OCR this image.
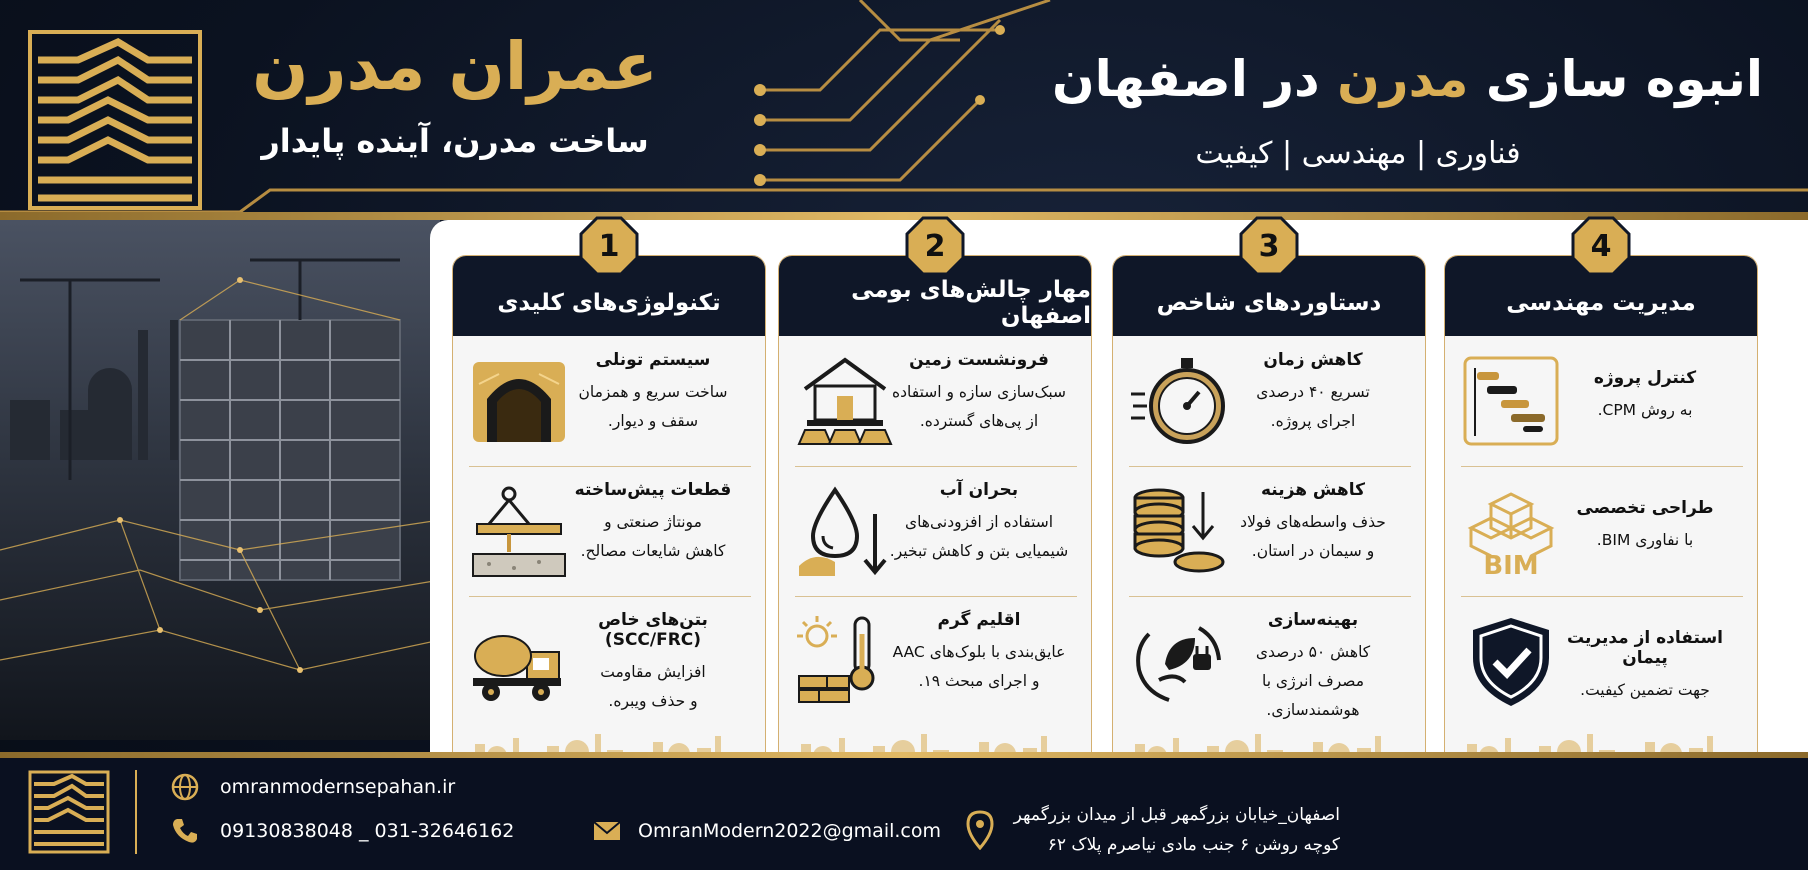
عمران مدرن
ساخت مدرن، آینده پایدار
انبوه سازی مدرن در اصفهان
فناوری | مهندسی | کیفیت
تکنولوژی‌های کلیدی
سیستم تونلی
ساخت سریع و همزمان
سقف و دیوار.
قطعات پیش‌ساخته
مونتاژ صنعتی و
کاهش شایعات مصالح.
بتن‌های خاص (SCC/FRC)
افزایش مقاومت
و حذف ویبره.
1
مهار چالش‌های بومی اصفهان
فرونشست زمین
سبک‌سازی سازه و استفاده
از پی‌های گسترده.
بحران آب
استفاده از افزودنی‌های
شیمیایی بتن و کاهش تبخیر.
اقلیم گرم
عایق‌بندی با بلوک‌های AAC
و اجرای مبحث ۱۹.
2
دستاوردهای شاخص
کاهش زمان
تسریع ۴۰ درصدی
اجرای پروژه.
کاهش هزینه
حذف واسطه‌های فولاد
و سیمان در استان.
بهینه‌سازی
کاهش ۵۰ درصدی
مصرف انرژی با
هوشمندسازی.
3
مدیریت مهندسی
کنترل پروژه
به روش CPM.
BIM
طراحی تخصصی
با نفاوری BIM.
استفاده از مدیریت پیمان
جهت تضمین کیفیت.
4
omranmodernsepahan.ir
09130838048 _ 031-32646162	OmranModern2022@gmail.com
اصفهان_خیابان بزرگمهر قبل از میدان بزرگمهر
کوچه روشن ۶ جنب مادی نیاصرم پلاک ۶۲
